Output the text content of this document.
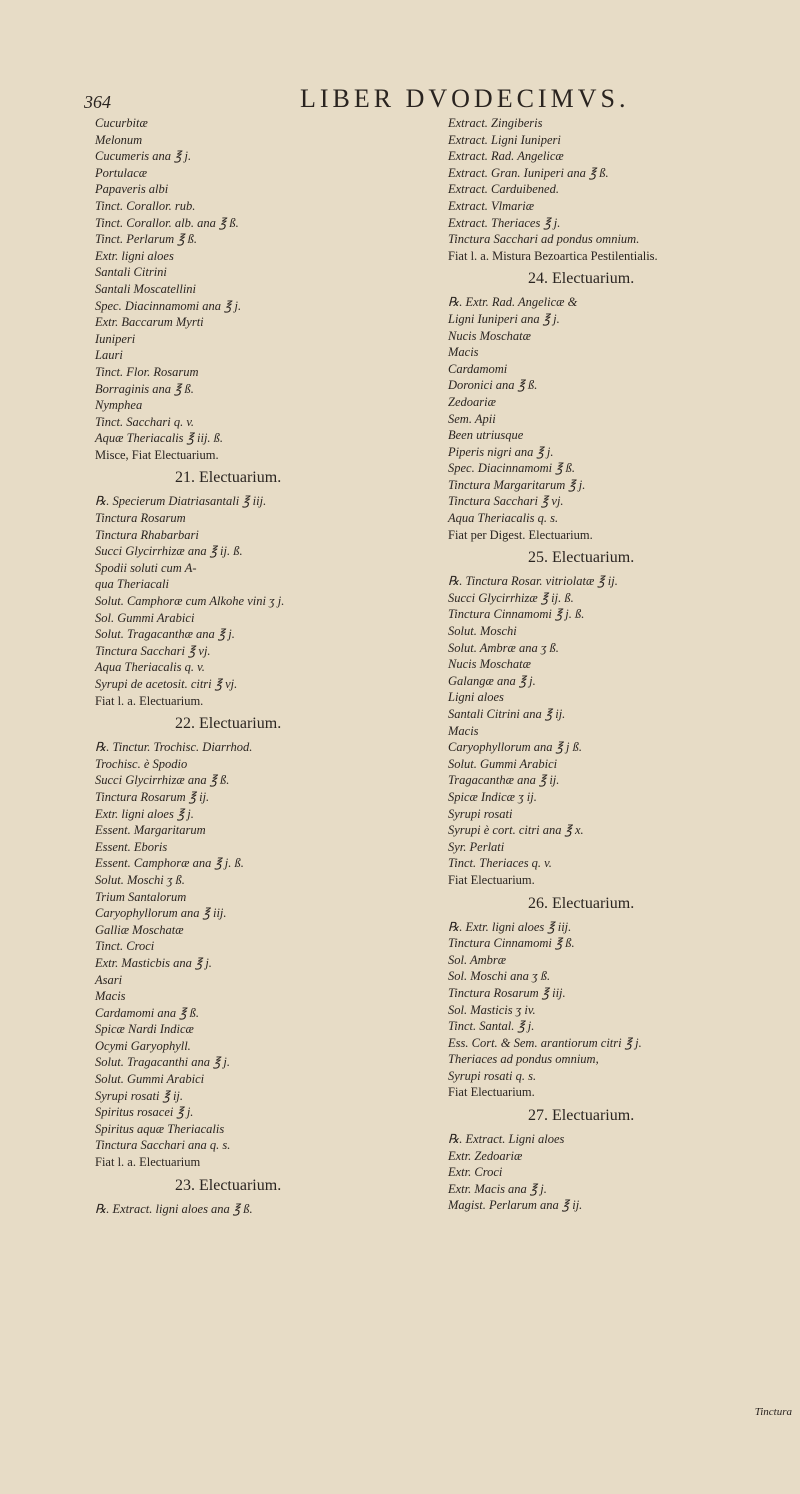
364	LIBER DVODECIMVS.
Cucurbitæ
Melonum
Cucumeris ana ℥ j.
Portulacæ
Papaveris albi
Tinct. Corallor. rub.
Tinct. Corallor. alb. ana ℥ ß.
Tinct. Perlarum ℥ ß.
Extr. ligni aloes
Santali Citrini
Santali Moscatellini
Spec. Diacinnamomi ana ℥ j.
Extr. Baccarum Myrti
Iuniperi
Lauri
Tinct. Flor. Rosarum
Borraginis ana ℥ ß.
Nymphea
Tinct. Sacchari q. v.
Aquæ Theriacalis ℥ iij. ß.
Misce, Fiat Electuarium.
21. Electuarium.
℞. Specierum Diatriasantali ℥ iij.
Tinctura Rosarum
Tinctura Rhabarbari
Succi Glycirrhizæ ana ℥ ij. ß.
Spodii soluti cum A-
qua Theriacali
Solut. Camphoræ cum Alkohe vini ʒ j.
Sol. Gummi Arabici
Solut. Tragacanthæ ana ℥ j.
Tinctura Sacchari ℥ vj.
Aqua Theriacalis q. v.
Syrupi de acetosit. citri ℥ vj.
Fiat l. a. Electuarium.
22. Electuarium.
℞. Tinctur. Trochisc. Diarrhod.
Trochisc. è Spodio
Succi Glycirrhizæ ana ℥ ß.
Tinctura Rosarum ℥ ij.
Extr. ligni aloes ℥ j.
Essent. Margaritarum
Essent. Eboris
Essent. Camphoræ ana ℥ j. ß.
Solut. Moschi ʒ ß.
Trium Santalorum
Caryophyllorum ana ℥ iij.
Galliæ Moschatæ
Tinct. Croci
Extr. Masticbis ana ℥ j.
Asari
Macis
Cardamomi ana ℥ ß.
Spicæ Nardi Indicæ
Ocymi Garyophyll.
Solut. Tragacanthi ana ℥ j.
Solut. Gummi Arabici
Syrupi rosati ℥ ij.
Spiritus rosacei ℥ j.
Spiritus aquæ Theriacalis
Tinctura Sacchari ana q. s.
Fiat l. a. Electuarium
23. Electuarium.
℞. Extract. ligni aloes ana ℥ ß.
Extract. Zingiberis
Extract. Ligni Iuniperi
Extract. Rad. Angelicæ
Extract. Gran. Iuniperi ana ℥ ß.
Extract. Carduibened.
Extract. Vlmariæ
Extract. Theriaces ℥ j.
Tinctura Sacchari ad pondus omnium.
Fiat l. a. Mistura Bezoartica Pestilentialis.
24. Electuarium.
℞. Extr. Rad. Angelicæ &
Ligni Iuniperi ana ℥ j.
Nucis Moschatæ
Macis
Cardamomi
Doronici ana ℥ ß.
Zedoariæ
Sem. Apii
Been utriusque
Piperis nigri ana ℥ j.
Spec. Diacinnamomi ℥ ß.
Tinctura Margaritarum ℥ j.
Tinctura Sacchari ℥ vj.
Aqua Theriacalis q. s.
Fiat per Digest. Electuarium.
25. Electuarium.
℞. Tinctura Rosar. vitriolatæ ℥ ij.
Succi Glycirrhizæ ℥ ij. ß.
Tinctura Cinnamomi ℥ j. ß.
Solut. Moschi
Solut. Ambræ ana ʒ ß.
Nucis Moschatæ
Galangæ ana ℥ j.
Ligni aloes
Santali Citrini ana ℥ ij.
Macis
Caryophyllorum ana ℥ j ß.
Solut. Gummi Arabici
Tragacanthæ ana ℥ ij.
Spicæ Indicæ ʒ ij.
Syrupi rosati
Syrupi è cort. citri ana ℥ x.
Syr. Perlati
Tinct. Theriaces q. v.
Fiat Electuarium.
26. Electuarium.
℞. Extr. ligni aloes ℥ iij.
Tinctura Cinnamomi ℥ ß.
Sol. Ambræ
Sol. Moschi ana ʒ ß.
Tinctura Rosarum ℥ iij.
Sol. Masticis ʒ iv.
Tinct. Santal. ℥ j.
Ess. Cort. & Sem. arantiorum citri ℥ j.
Theriaces ad pondus omnium,
Syrupi rosati q. s.
Fiat Electuarium.
27. Electuarium.
℞. Extract. Ligni aloes
Extr. Zedoariæ
Extr. Croci
Extr. Macis ana ℥ j.
Magist. Perlarum ana ℥ ij.
Tinctura
